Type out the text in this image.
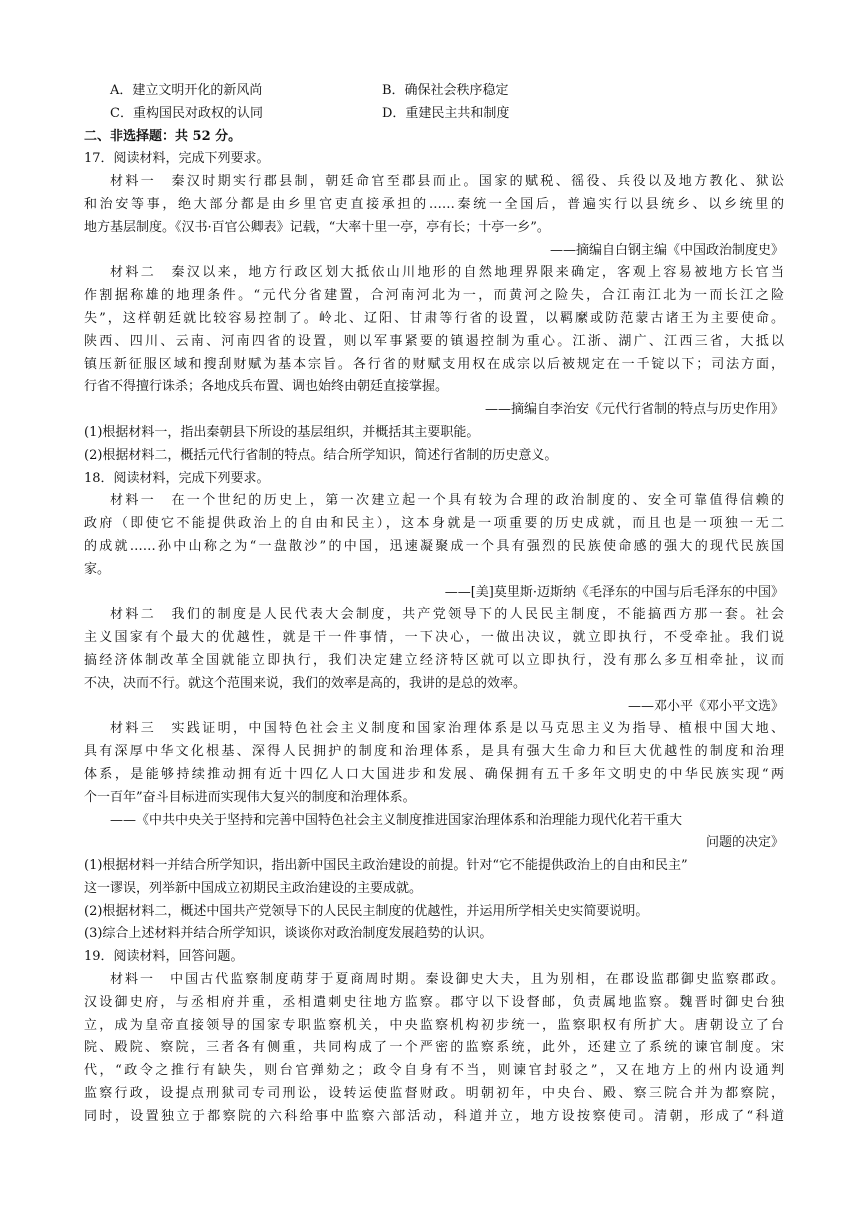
A．建立文明开化的新风尚	B．确保社会秩序稳定
C．重构国民对政权的认同	D．重建民主共和制度
二、非选择题：共 52 分。
17．阅读材料，完成下列要求。
材料一　秦汉时期实行郡县制，朝廷命官至郡县而止。国家的赋税、徭役、兵役以及地方教化、狱讼
和治安等事，绝大部分都是由乡里官吏直接承担的……秦统一全国后，普遍实行以县统乡、以乡统里的
地方基层制度。《汉书·百官公卿表》记载，“大率十里一亭，亭有长；十亭一乡”。
——摘编自白钢主编《中国政治制度史》
材料二　秦汉以来，地方行政区划大抵依山川地形的自然地理界限来确定，客观上容易被地方长官当
作割据称雄的地理条件。“元代分省建置，合河南河北为一，而黄河之险失，合江南江北为一而长江之险
失”，这样朝廷就比较容易控制了。岭北、辽阳、甘肃等行省的设置，以羁縻或防范蒙古诸王为主要使命。
陕西、四川、云南、河南四省的设置，则以军事紧要的镇遏控制为重心。江浙、湖广、江西三省，大抵以
镇压新征服区域和搜刮财赋为基本宗旨。各行省的财赋支用权在成宗以后被规定在一千锭以下；司法方面，
行省不得擅行诛杀；各地戍兵布置、调也始终由朝廷直接掌握。
——摘编自李治安《元代行省制的特点与历史作用》
(1)根据材料一，指出秦朝县下所设的基层组织，并概括其主要职能。
(2)根据材料二，概括元代行省制的特点。结合所学知识，简述行省制的历史意义。
18．阅读材料，完成下列要求。
材料一　在一个世纪的历史上，第一次建立起一个具有较为合理的政治制度的、安全可靠值得信赖的
政府（即使它不能提供政治上的自由和民主），这本身就是一项重要的历史成就，而且也是一项独一无二
的成就……孙中山称之为“一盘散沙”的中国，迅速凝聚成一个具有强烈的民族使命感的强大的现代民族国
家。
——[美]莫里斯·迈斯纳《毛泽东的中国与后毛泽东的中国》
材料二　我们的制度是人民代表大会制度，共产党领导下的人民民主制度，不能搞西方那一套。社会
主义国家有个最大的优越性，就是干一件事情，一下决心，一做出决议，就立即执行，不受牵扯。我们说
搞经济体制改革全国就能立即执行，我们决定建立经济特区就可以立即执行，没有那么多互相牵扯，议而
不决，决而不行。就这个范围来说，我们的效率是高的，我讲的是总的效率。
——邓小平《邓小平文选》
材料三　实践证明，中国特色社会主义制度和国家治理体系是以马克思主义为指导、植根中国大地、
具有深厚中华文化根基、深得人民拥护的制度和治理体系，是具有强大生命力和巨大优越性的制度和治理
体系，是能够持续推动拥有近十四亿人口大国进步和发展、确保拥有五千多年文明史的中华民族实现“两
个一百年”奋斗目标进而实现伟大复兴的制度和治理体系。
——《中共中央关于坚持和完善中国特色社会主义制度推进国家治理体系和治理能力现代化若干重大
问题的决定》
(1)根据材料一并结合所学知识，指出新中国民主政治建设的前提。针对“它不能提供政治上的自由和民主”
这一谬误，列举新中国成立初期民主政治建设的主要成就。
(2)根据材料二，概述中国共产党领导下的人民民主制度的优越性，并运用所学相关史实简要说明。
(3)综合上述材料并结合所学知识，谈谈你对政治制度发展趋势的认识。
19．阅读材料，回答问题。
材料一　中国古代监察制度萌芽于夏商周时期。秦设御史大夫，且为别相，在郡设监郡御史监察郡政。
汉设御史府，与丞相府并重，丞相遣刺史往地方监察。郡守以下设督邮，负责属地监察。魏晋时御史台独
立，成为皇帝直接领导的国家专职监察机关，中央监察机构初步统一，监察职权有所扩大。唐朝设立了台
院、殿院、察院，三者各有侧重，共同构成了一个严密的监察系统，此外，还建立了系统的谏官制度。宋
代，“政令之推行有缺失，则台官弹劾之；政令自身有不当，则谏官封驳之”，又在地方上的州内设通判
监察行政，设提点刑狱司专司刑讼，设转运使监督财政。明朝初年，中央台、殿、察三院合并为都察院，
同时，设置独立于都察院的六科给事中监察六部活动，科道并立，地方设按察使司。清朝，形成了“科道
